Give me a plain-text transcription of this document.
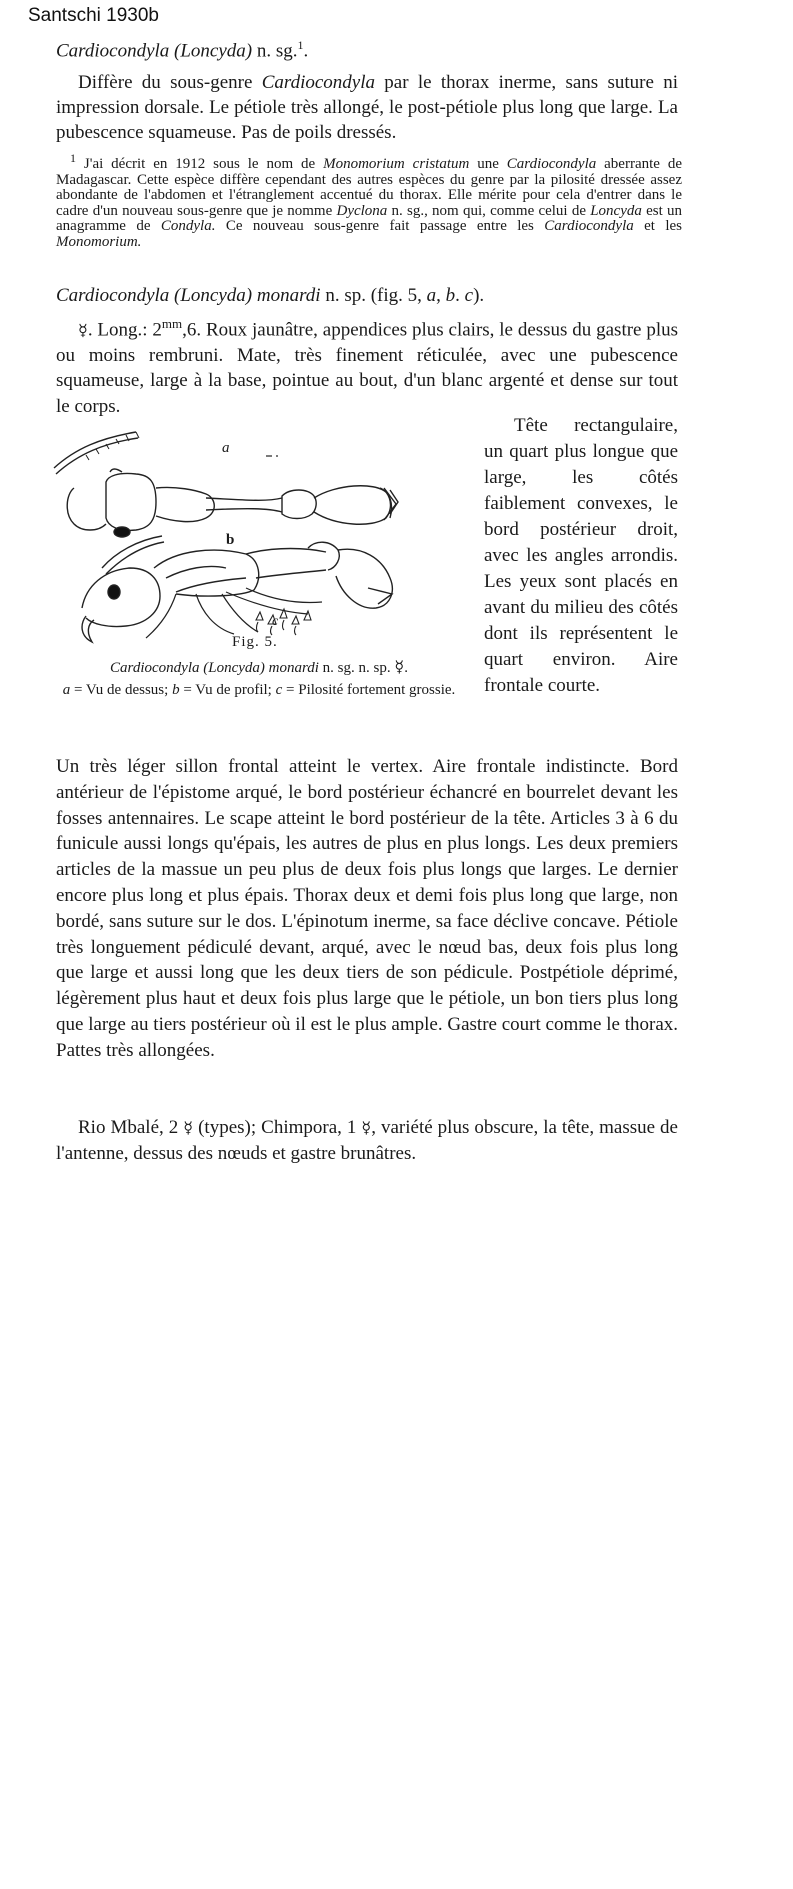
Santschi 1930b
Cardiocondyla (Loncyda) n. sg.$^1$.

Diffère du sous-genre Cardiocondyla par le thorax inerme, sans suture ni impression dorsale. Le pétiole très allongé, le post-pétiole plus long que large. La pubescence squameuse. Pas de poils dressés.

$^1$ J'ai décrit en 1912 sous le nom de Monomorium cristatum une Cardiocondyla aberrante de Madagascar. Cette espèce diffère cependant des autres espèces du genre par la pilosité dressée assez abondante de l'abdomen et l'étranglement accentué du thorax. Elle mérite pour cela d'entrer dans le cadre d'un nouveau sous-genre que je nomme Dyclona n. sg., nom qui, comme celui de Loncyda est un anagramme de Condyla. Ce nouveau sous-genre fait passage entre les Cardiocondyla et les Monomorium.

Cardiocondyla (Loncyda) monardi n. sp. (fig. 5, a, b. c).

☿. Long.: $2^{mm},6$. Roux jaunâtre, appendices plus clairs, le dessus du gastre plus ou moins rembruni. Mate, très finement réticulée, avec une pubescence squameuse, large à la base, pointue au bout, d'un blanc argenté et dense sur tout le corps.

a
b
c
Fig. 5.
Cardiocondyla (Loncyda) monardi n. sg. n. sp. ☿.
a = Vu de dessus; b = Vu de profil; c = Pilosité fortement grossie.

Tête rectangulaire, un quart plus longue que large, les côtés faiblement convexes, le bord postérieur droit, avec les angles arrondis. Les yeux sont placés en avant du milieu des côtés dont ils représentent le quart environ. Aire frontale courte.

Un très léger sillon frontal atteint le vertex. Aire frontale indistincte. Bord antérieur de l'épistome arqué, le bord postérieur échancré en bourrelet devant les fosses antennaires. Le scape atteint le bord postérieur de la tête. Articles 3 à 6 du funicule aussi longs qu'épais, les autres de plus en plus longs. Les deux premiers articles de la massue un peu plus de deux fois plus longs que larges. Le dernier encore plus long et plus épais. Thorax deux et demi fois plus long que large, non bordé, sans suture sur le dos. L'épinotum inerme, sa face déclive concave. Pétiole très longuement pédiculé devant, arqué, avec le nœud bas, deux fois plus long que large et aussi long que les deux tiers de son pédicule. Postpétiole déprimé, légèrement plus haut et deux fois plus large que le pétiole, un bon tiers plus long que large au tiers postérieur où il est le plus ample. Gastre court comme le thorax. Pattes très allongées.

Rio Mbalé, 2 ☿ (types); Chimpora, 1 ☿, variété plus obscure, la tête, massue de l'antenne, dessus des nœuds et gastre brunâtres.
